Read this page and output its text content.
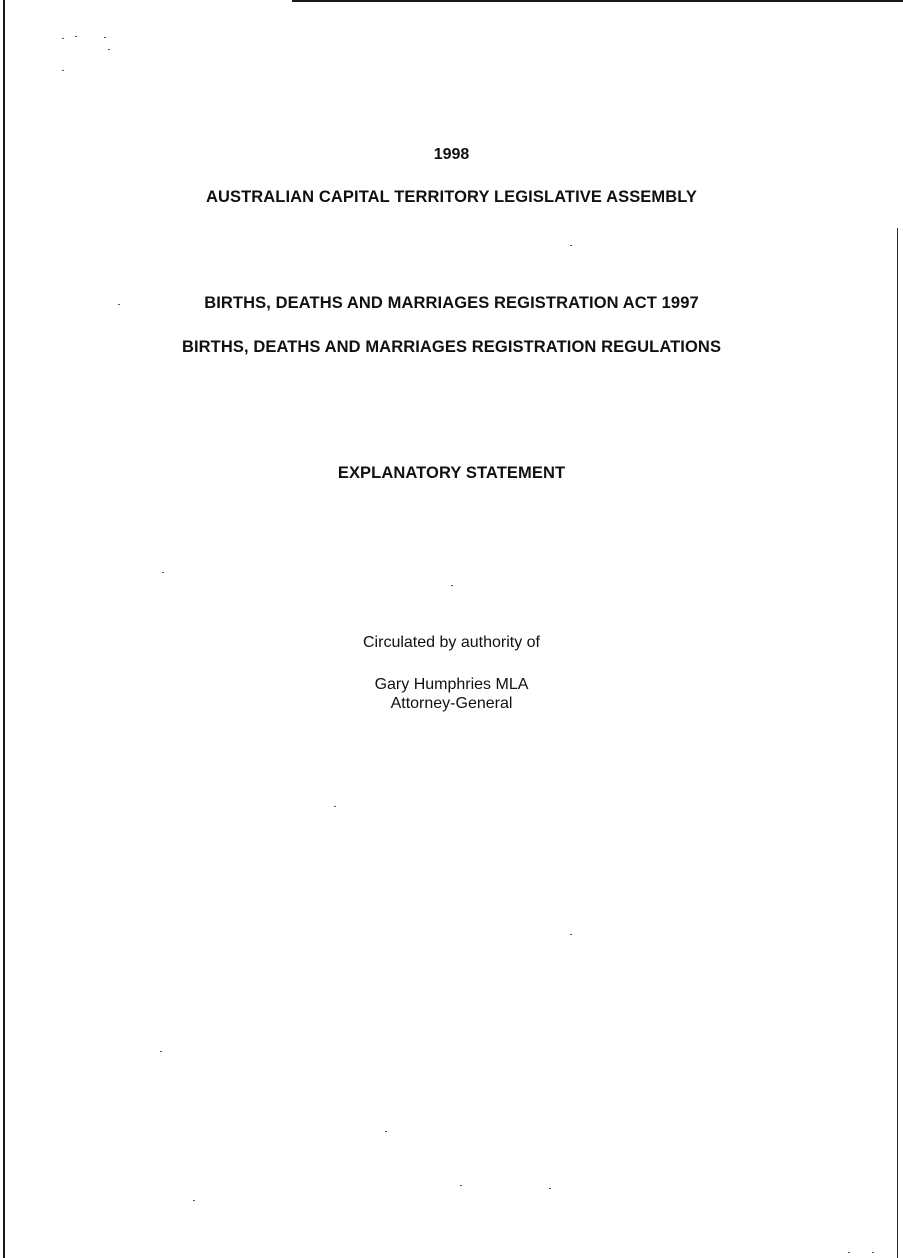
1998
AUSTRALIAN CAPITAL TERRITORY LEGISLATIVE ASSEMBLY
BIRTHS, DEATHS AND MARRIAGES REGISTRATION ACT 1997
BIRTHS, DEATHS AND MARRIAGES REGISTRATION REGULATIONS
EXPLANATORY STATEMENT
Circulated by authority of
Gary Humphries MLA
Attorney-General
